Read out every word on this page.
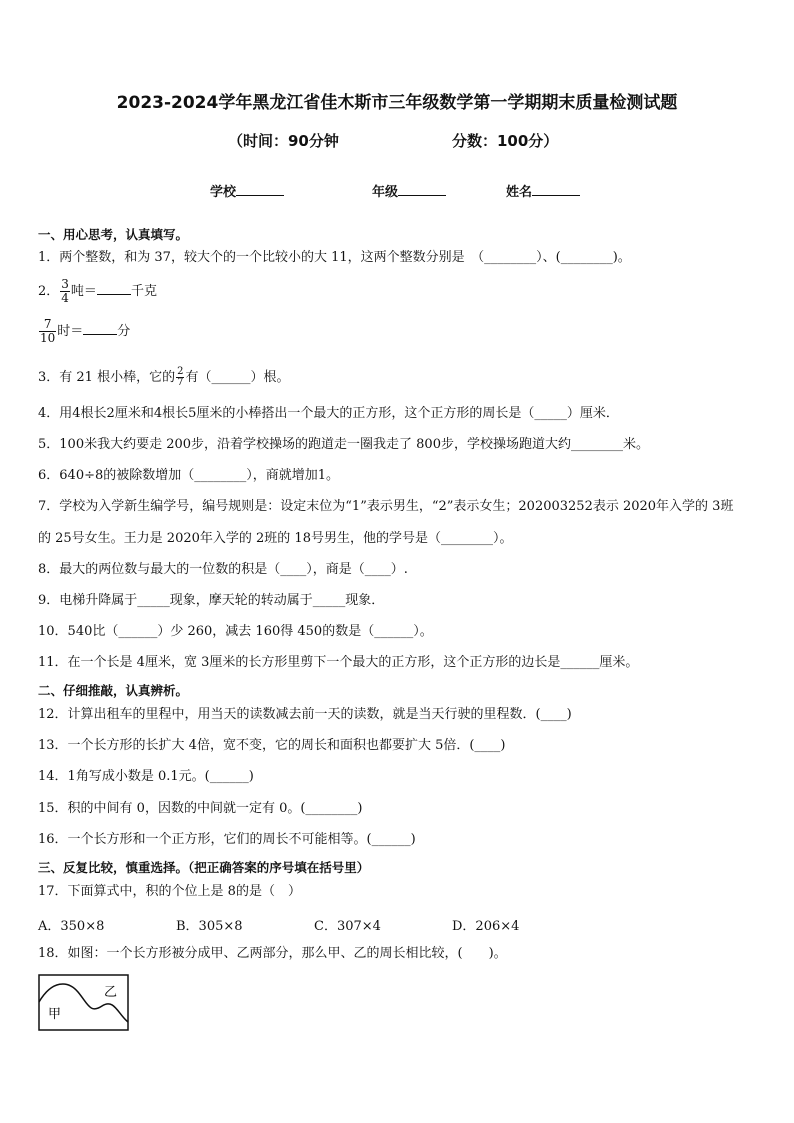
2023-2024学年黑龙江省佳木斯市三年级数学第一学期期末质量检测试题
（时间：90分钟	分数：100分）
学校	年级	姓名
一、用心思考，认真填写。
1．两个整数，和为 37，较大个的一个比较小的大 11，这两个整数分别是　（________）、(________)。
2． $\frac{3}{4}$ 吨＝	千克
$\frac{7}{10}$ 时＝	分
3．有 21 根小棒，它的 $\frac{2}{7}$ 有（______）根。
4．用4根长2厘米和4根长5厘米的小棒搭出一个最大的正方形，这个正方形的周长是（_____）厘米．
5．100米我大约要走 200步，沿着学校操场的跑道走一圈我走了 800步，学校操场跑道大约________米。
6．640÷8的被除数增加（________），商就增加1。
7．学校为入学新生编学号，编号规则是：设定末位为“1”表示男生，“2”表示女生；202003252表示 2020年入学的 3班
的 25号女生。王力是 2020年入学的 2班的 18号男生，他的学号是（________）。
8．最大的两位数与最大的一位数的积是（____），商是（____）.
9．电梯升降属于_____现象，摩天轮的转动属于_____现象．
10．540比（______）少 260，减去 160得 450的数是（______）。
11．在一个长是 4厘米，宽 3厘米的长方形里剪下一个最大的正方形，这个正方形的边长是______厘米。
二、仔细推敲，认真辨析。
12．计算出租车的里程中，用当天的读数减去前一天的读数，就是当天行驶的里程数．(____)
13．一个长方形的长扩大 4倍，宽不变，它的周长和面积也都要扩大 5倍．(____)
14．1角写成小数是 0.1元。(______)
15．积的中间有 0，因数的中间就一定有 0。(________)
16．一个长方形和一个正方形，它们的周长不可能相等。(______)
三、反复比较，慎重选择。（把正确答案的序号填在括号里）
17．下面算式中，积的个位上是 8的是（　）
A．350×8	B．305×8	C．307×4	D．206×4
18．如图：一个长方形被分成甲、乙两部分，那么甲、乙的周长相比较，(　　)。
甲
乙
